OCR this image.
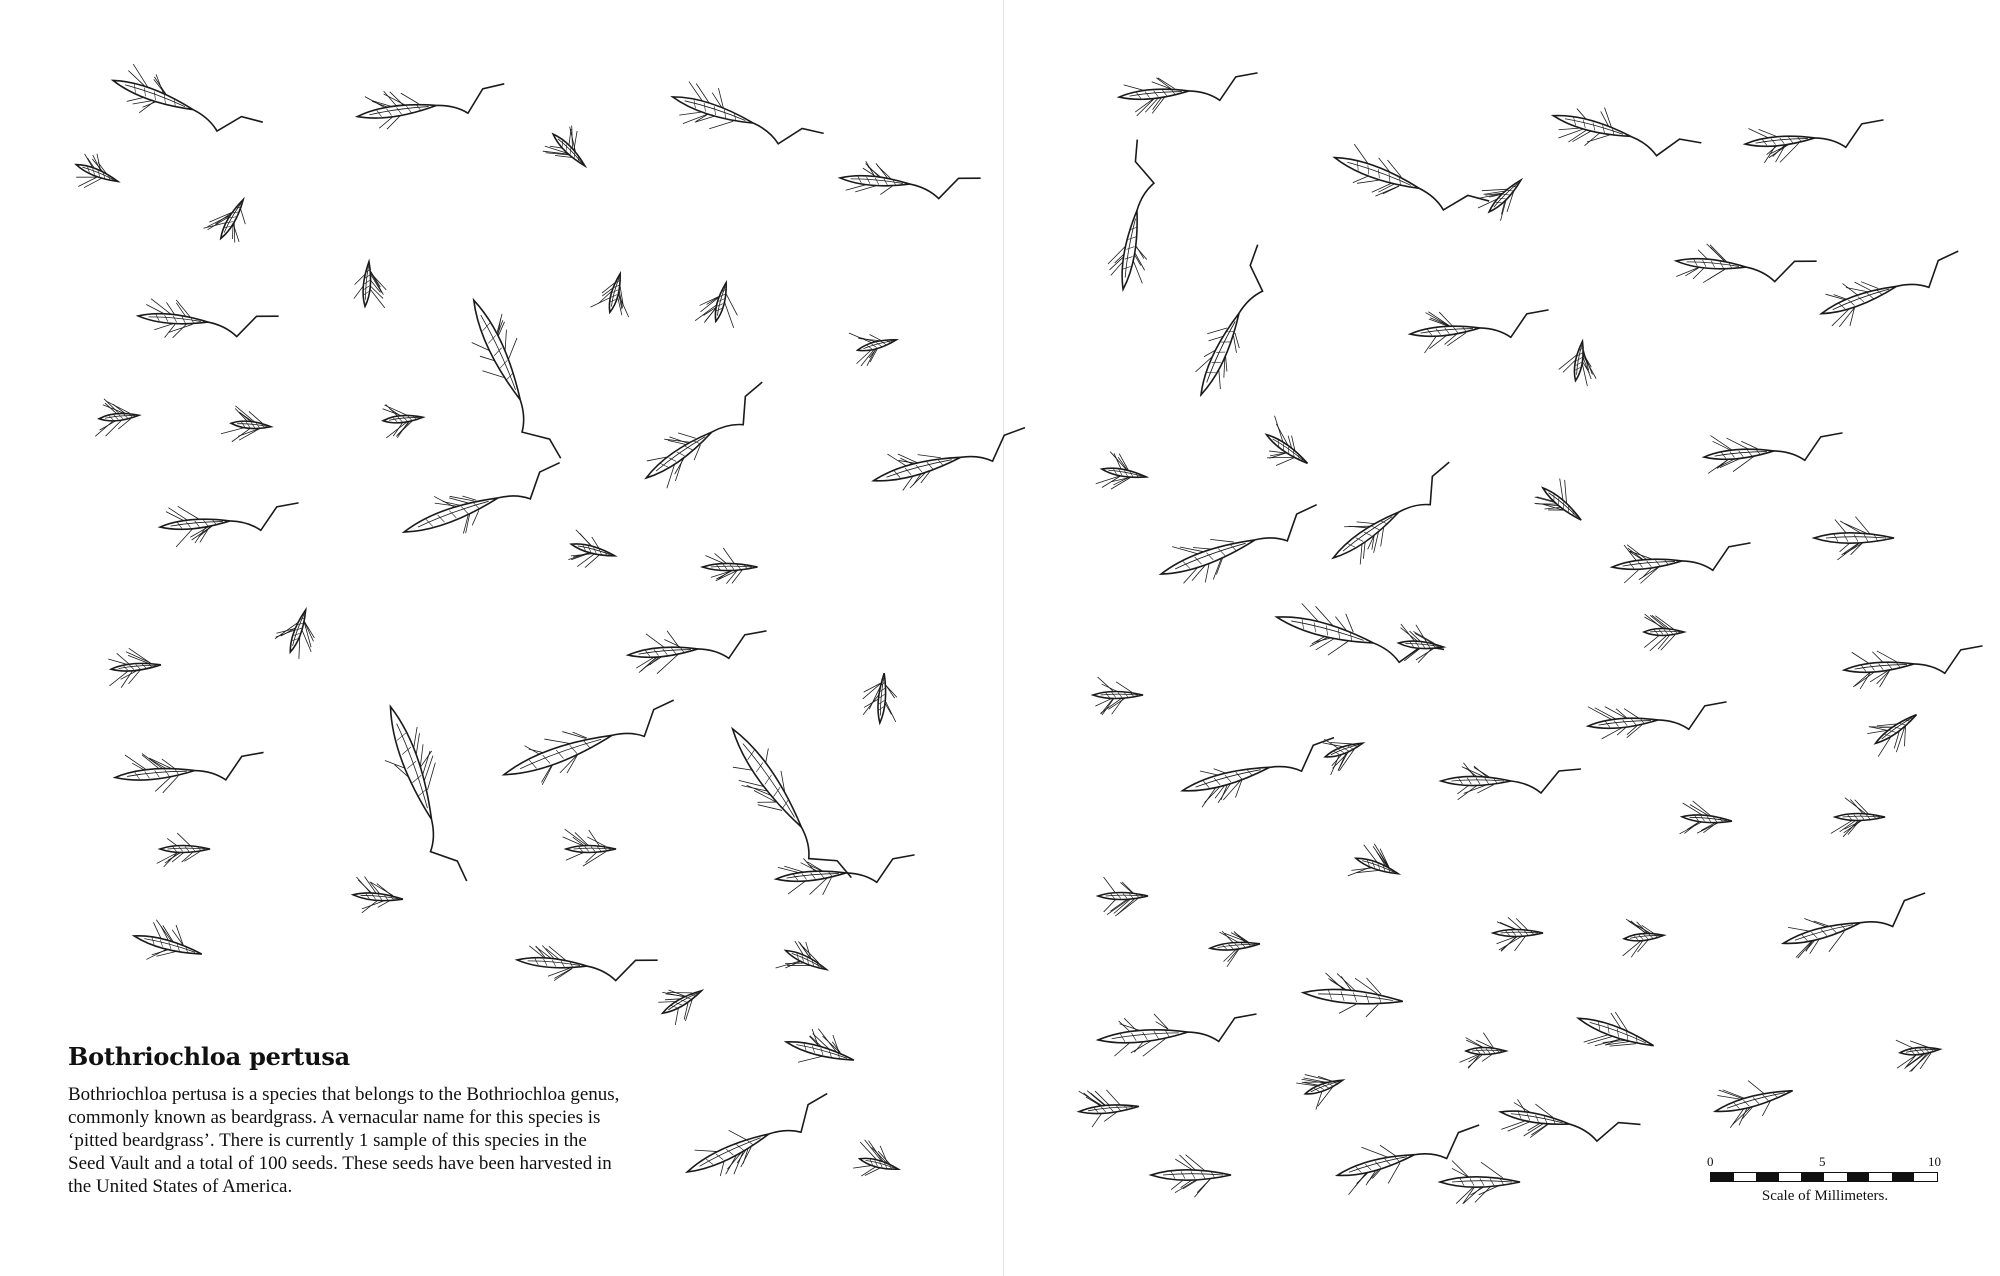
Bothriochloa pertusa

Bothriochloa pertusa is a species that belongs to the Bothriochloa genus, commonly known as beardgrass. A vernacular name for this species is ‘pitted beardgrass’. There is currently 1 sample of this species in the Seed Vault and a total of 100 seeds. These seeds have been harvested in the United States of America.

0	5	10
Scale of Millimeters.
